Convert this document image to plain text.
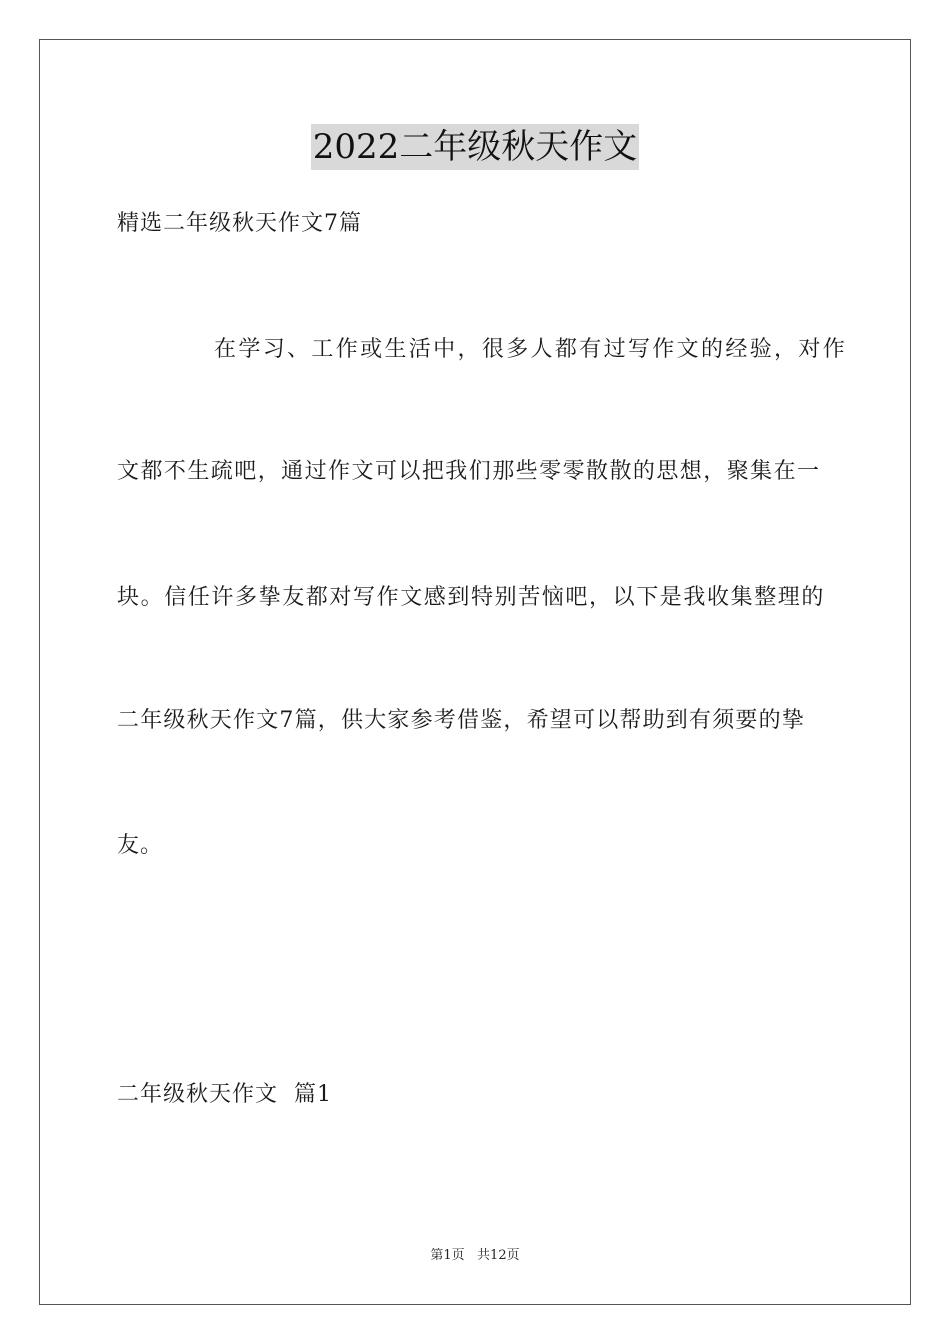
2022二年级秋天作文
精选二年级秋天作文7篇
在学习、工作或生活中，很多人都有过写作文的经验，对作
文都不生疏吧，通过作文可以把我们那些零零散散的思想，聚集在一
块。信任许多挚友都对写作文感到特别苦恼吧，以下是我收集整理的
二年级秋天作文7篇，供大家参考借鉴，希望可以帮助到有须要的挚
友。
二年级秋天作文  篇1
第1页   共12页
